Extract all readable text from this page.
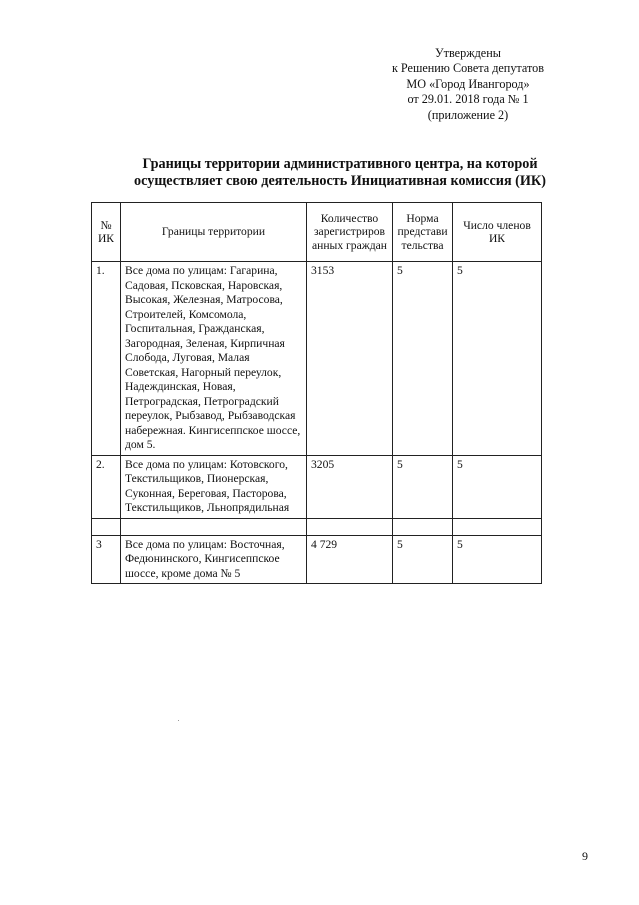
Утверждены
к Решению Совета депутатов
МО «Город Ивангород»
от 29.01. 2018 года № 1
(приложение 2)
Границы территории административного центра, на которой
осуществляет свою деятельность Инициативная комиссия (ИК)
№ ИК	Границы территории	Количество зарегистриров анных граждан	Норма представи тельства	Число членов ИК
1.	Все дома по улицам: Гагарина, Садовая, Псковская, Наровская, Высокая, Железная, Матросова, Строителей, Комсомола, Госпитальная, Гражданская, Загородная, Зеленая, Кирпичная Слобода, Луговая, Малая Советская, Нагорный переулок, Надеждинская, Новая, Петроградская, Петроградский переулок, Рыбзавод, Рыбзаводская набережная. Кингисеппское шоссе, дом 5.	3153	5	5
2.	Все дома по улицам: Котовского, Текстильщиков, Пионерская, Суконная, Береговая, Пасторова, Текстильщиков, Льнопрядильная	3205	5	5

3	Все дома по улицам: Восточная, Федюнинского, Кингисеппское шоссе, кроме дома № 5	4 729	5	5
9
